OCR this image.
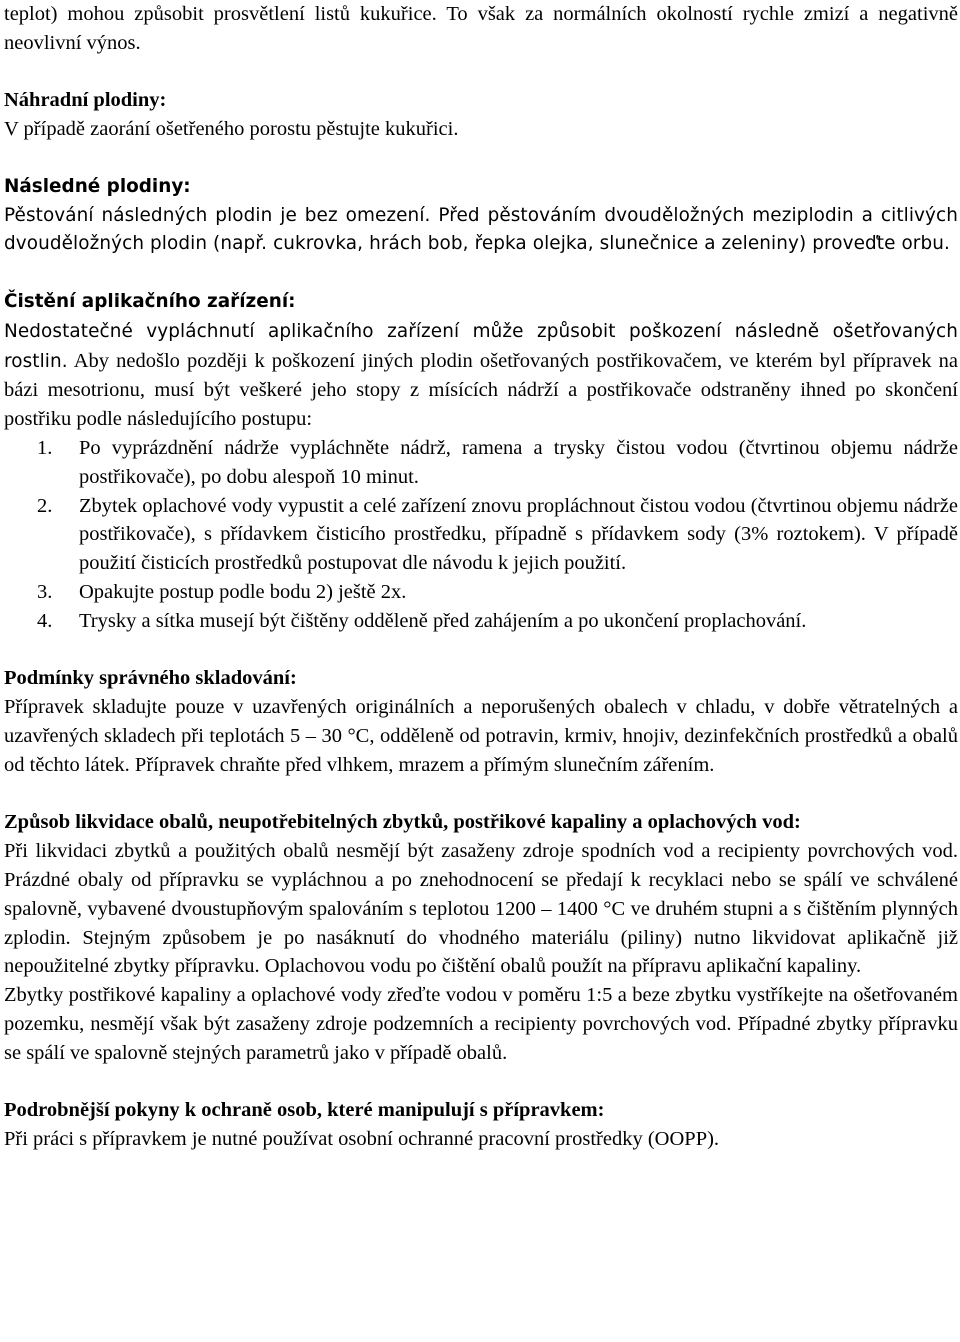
teplot) mohou způsobit prosvětlení listů kukuřice. To však za normálních okolností rychle zmizí a negativně neovlivní výnos.

Náhradní plodiny:

V případě zaorání ošetřeného porostu pěstujte kukuřici.

Následné plodiny:

Pěstování následných plodin je bez omezení. Před pěstováním dvouděložných meziplodin a citlivých dvouděložných plodin (např. cukrovka, hrách bob, řepka olejka, slunečnice a zeleniny) proveďte orbu.

Čistění aplikačního zařízení:

Nedostatečné vypláchnutí aplikačního zařízení může způsobit poškození následně ošetřovaných rostlin. Aby nedošlo později k poškození jiných plodin ošetřovaných postřikovačem, ve kterém byl přípravek na bázi mesotrionu, musí být veškeré jeho stopy z mísících nádrží a postřikovače odstraněny ihned po skončení postřiku podle následujícího postupu:

1. Po vyprázdnění nádrže vypláchněte nádrž, ramena a trysky čistou vodou (čtvrtinou objemu nádrže postřikovače), po dobu alespoň 10 minut.
2. Zbytek oplachové vody vypustit a celé zařízení znovu propláchnout čistou vodou (čtvrtinou objemu nádrže postřikovače), s přídavkem čisticího prostředku, případně s přídavkem sody (3% roztokem). V případě použití čisticích prostředků postupovat dle návodu k jejich použití.
3. Opakujte postup podle bodu 2) ještě 2x.
4. Trysky a sítka musejí být čištěny odděleně před zahájením a po ukončení proplachování.

Podmínky správného skladování:

Přípravek skladujte pouze v uzavřených originálních a neporušených obalech v chladu, v dobře větratelných a uzavřených skladech při teplotách 5 – 30 °C, odděleně od potravin, krmiv, hnojiv, dezinfekčních prostředků a obalů od těchto látek. Přípravek chraňte před vlhkem, mrazem a přímým slunečním zářením.

Způsob likvidace obalů, neupotřebitelných zbytků, postřikové kapaliny a oplachových vod:

Při likvidaci zbytků a použitých obalů nesmějí být zasaženy zdroje spodních vod a recipienty povrchových vod. Prázdné obaly od přípravku se vypláchnou a po znehodnocení se předají k recyklaci nebo se spálí ve schválené spalovně, vybavené dvoustupňovým spalováním s teplotou 1200 – 1400 °C ve druhém stupni a s čištěním plynných zplodin. Stejným způsobem je po nasáknutí do vhodného materiálu (piliny) nutno likvidovat aplikačně již nepoužitelné zbytky přípravku. Oplachovou vodu po čištění obalů použít na přípravu aplikační kapaliny.

Zbytky postřikové kapaliny a oplachové vody zřeďte vodou v poměru 1:5 a beze zbytku vystříkejte na ošetřovaném pozemku, nesmějí však být zasaženy zdroje podzemních a recipienty povrchových vod. Případné zbytky přípravku se spálí ve spalovně stejných parametrů jako v případě obalů.

Podrobnější pokyny k ochraně osob, které manipulují s přípravkem:

Při práci s přípravkem je nutné používat osobní ochranné pracovní prostředky (OOPP).
